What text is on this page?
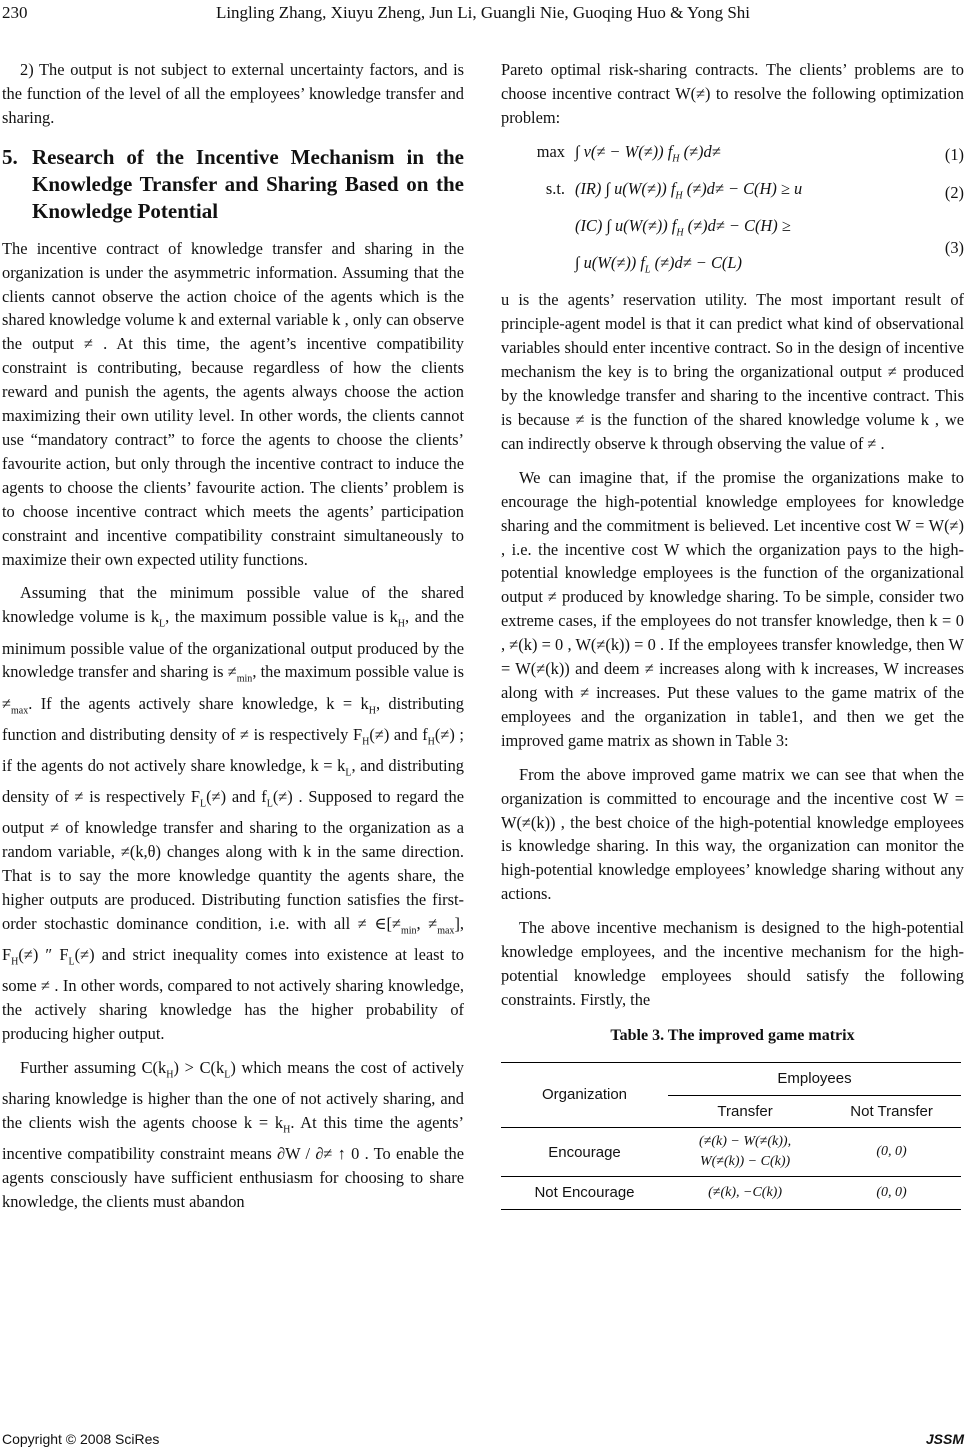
230	Lingling Zhang, Xiuyu Zheng, Jun Li, Guangli Nie, Guoqing Huo & Yong Shi

2) The output is not subject to external uncertainty factors, and is the function of the level of all the employees’ knowledge transfer and sharing.

5. Research of the Incentive Mechanism in the Knowledge Transfer and Sharing Based on the Knowledge Potential

The incentive contract of knowledge transfer and sharing in the organization is under the asymmetric information. Assuming that the clients cannot observe the action choice of the agents which is the shared knowledge volume k and external variable k , only can observe the output ≠ . At this time, the agent’s incentive compatibility constraint is contributing, because regardless of how the clients reward and punish the agents, the agents always choose the action maximizing their own utility level. In other words, the clients cannot use “mandatory contract” to force the agents to choose the clients’ favourite action, but only through the incentive contract to induce the agents to choose the clients’ favourite action. The clients’ problem is to choose incentive contract which meets the agents’ participation constraint and incentive compatibility constraint simultaneously to maximize their own expected utility functions.

Assuming that the minimum possible value of the shared knowledge volume is $k_L$, the maximum possible value is $k_H$, and the minimum possible value of the organizational output produced by the knowledge transfer and sharing is $\ne_{min}$, the maximum possible value is $\ne_{max}$. If the agents actively share knowledge, $k = k_H$, distributing function and distributing density of ≠ is respectively $F_H(\ne)$ and $f_H(\ne)$ ; if the agents do not actively share knowledge, $k = k_L$, and distributing density of ≠ is respectively $F_L(\ne)$ and $f_L(\ne)$ . Supposed to regard the output ≠ of knowledge transfer and sharing to the organization as a random variable, ≠(k,θ) changes along with k in the same direction. That is to say the more knowledge quantity the agents share, the higher outputs are produced. Distributing function satisfies the first-order stochastic dominance condition, i.e. with all ≠ $\in[\ne_{min}$, $\ne_{max}$], $F_H(\ne)$ ″ $F_L(\ne)$ and strict inequality comes into existence at least to some ≠ . In other words, compared to not actively sharing knowledge, the actively sharing knowledge has the higher probability of producing higher output.

Further assuming $C(k_H) > C(k_L)$ which means the cost of actively sharing knowledge is higher than the one of not actively sharing, and the clients wish the agents choose $k = k_H$. At this time the agents’ incentive compatibility constraint means ∂W / ∂≠ ↑ 0 . To enable the agents consciously have sufficient enthusiasm for choosing to share knowledge, the clients must abandon

Pareto optimal risk-sharing contracts. The clients’ problems are to choose incentive contract W(≠) to resolve the following optimization problem:

max ∫ v(≠ − W(≠)) $f_H$ (≠)d≠	(1)
s.t. (IR) ∫ u(W(≠)) $f_H$ (≠)d≠ − C(H) ≥ u	(2)
(IC) ∫ u(W(≠)) $f_H$ (≠)d≠ − C(H) ≥
∫ u(W(≠)) $f_L$ (≠)d≠ − C(L)
(3)

u is the agents’ reservation utility. The most important result of principle-agent model is that it can predict what kind of observational variables should enter incentive contract. So in the design of incentive mechanism the key is to bring the organizational output ≠ produced by the knowledge transfer and sharing to the incentive contract. This is because ≠ is the function of the shared knowledge volume k , we can indirectly observe k through observing the value of ≠ .

We can imagine that, if the promise the organizations make to encourage the high-potential knowledge employees for knowledge sharing and the commitment is believed. Let incentive cost W = W(≠) , i.e. the incentive cost W which the organization pays to the high-potential knowledge employees is the function of the organizational output ≠ produced by knowledge sharing. To be simple, consider two extreme cases, if the employees do not transfer knowledge, then k = 0 , ≠(k) = 0 , W(≠(k)) = 0 . If the employees transfer knowledge, then W = W(≠(k)) and deem ≠ increases along with k increases, W increases along with ≠ increases. Put these values to the game matrix of the employees and the organization in table1, and then we get the improved game matrix as shown in Table 3:

From the above improved game matrix we can see that when the organization is committed to encourage and the incentive cost W = W(≠(k)) , the best choice of the high-potential knowledge employees is knowledge sharing. In this way, the organization can monitor the high-potential knowledge employees’ knowledge sharing without any actions.

The above incentive mechanism is designed to the high-potential knowledge employees, and the incentive mechanism for the high-potential knowledge employees should satisfy the following constraints. Firstly, the

Table 3. The improved game matrix
Organization	Employees	
	Transfer	Not Transfer
Encourage	(≠(k) − W(≠(k)),
W(≠(k)) − C(k))	(0, 0)
Not Encourage	(≠(k), −C(k))	(0, 0)
Copyright © 2008 SciRes	JSSM
